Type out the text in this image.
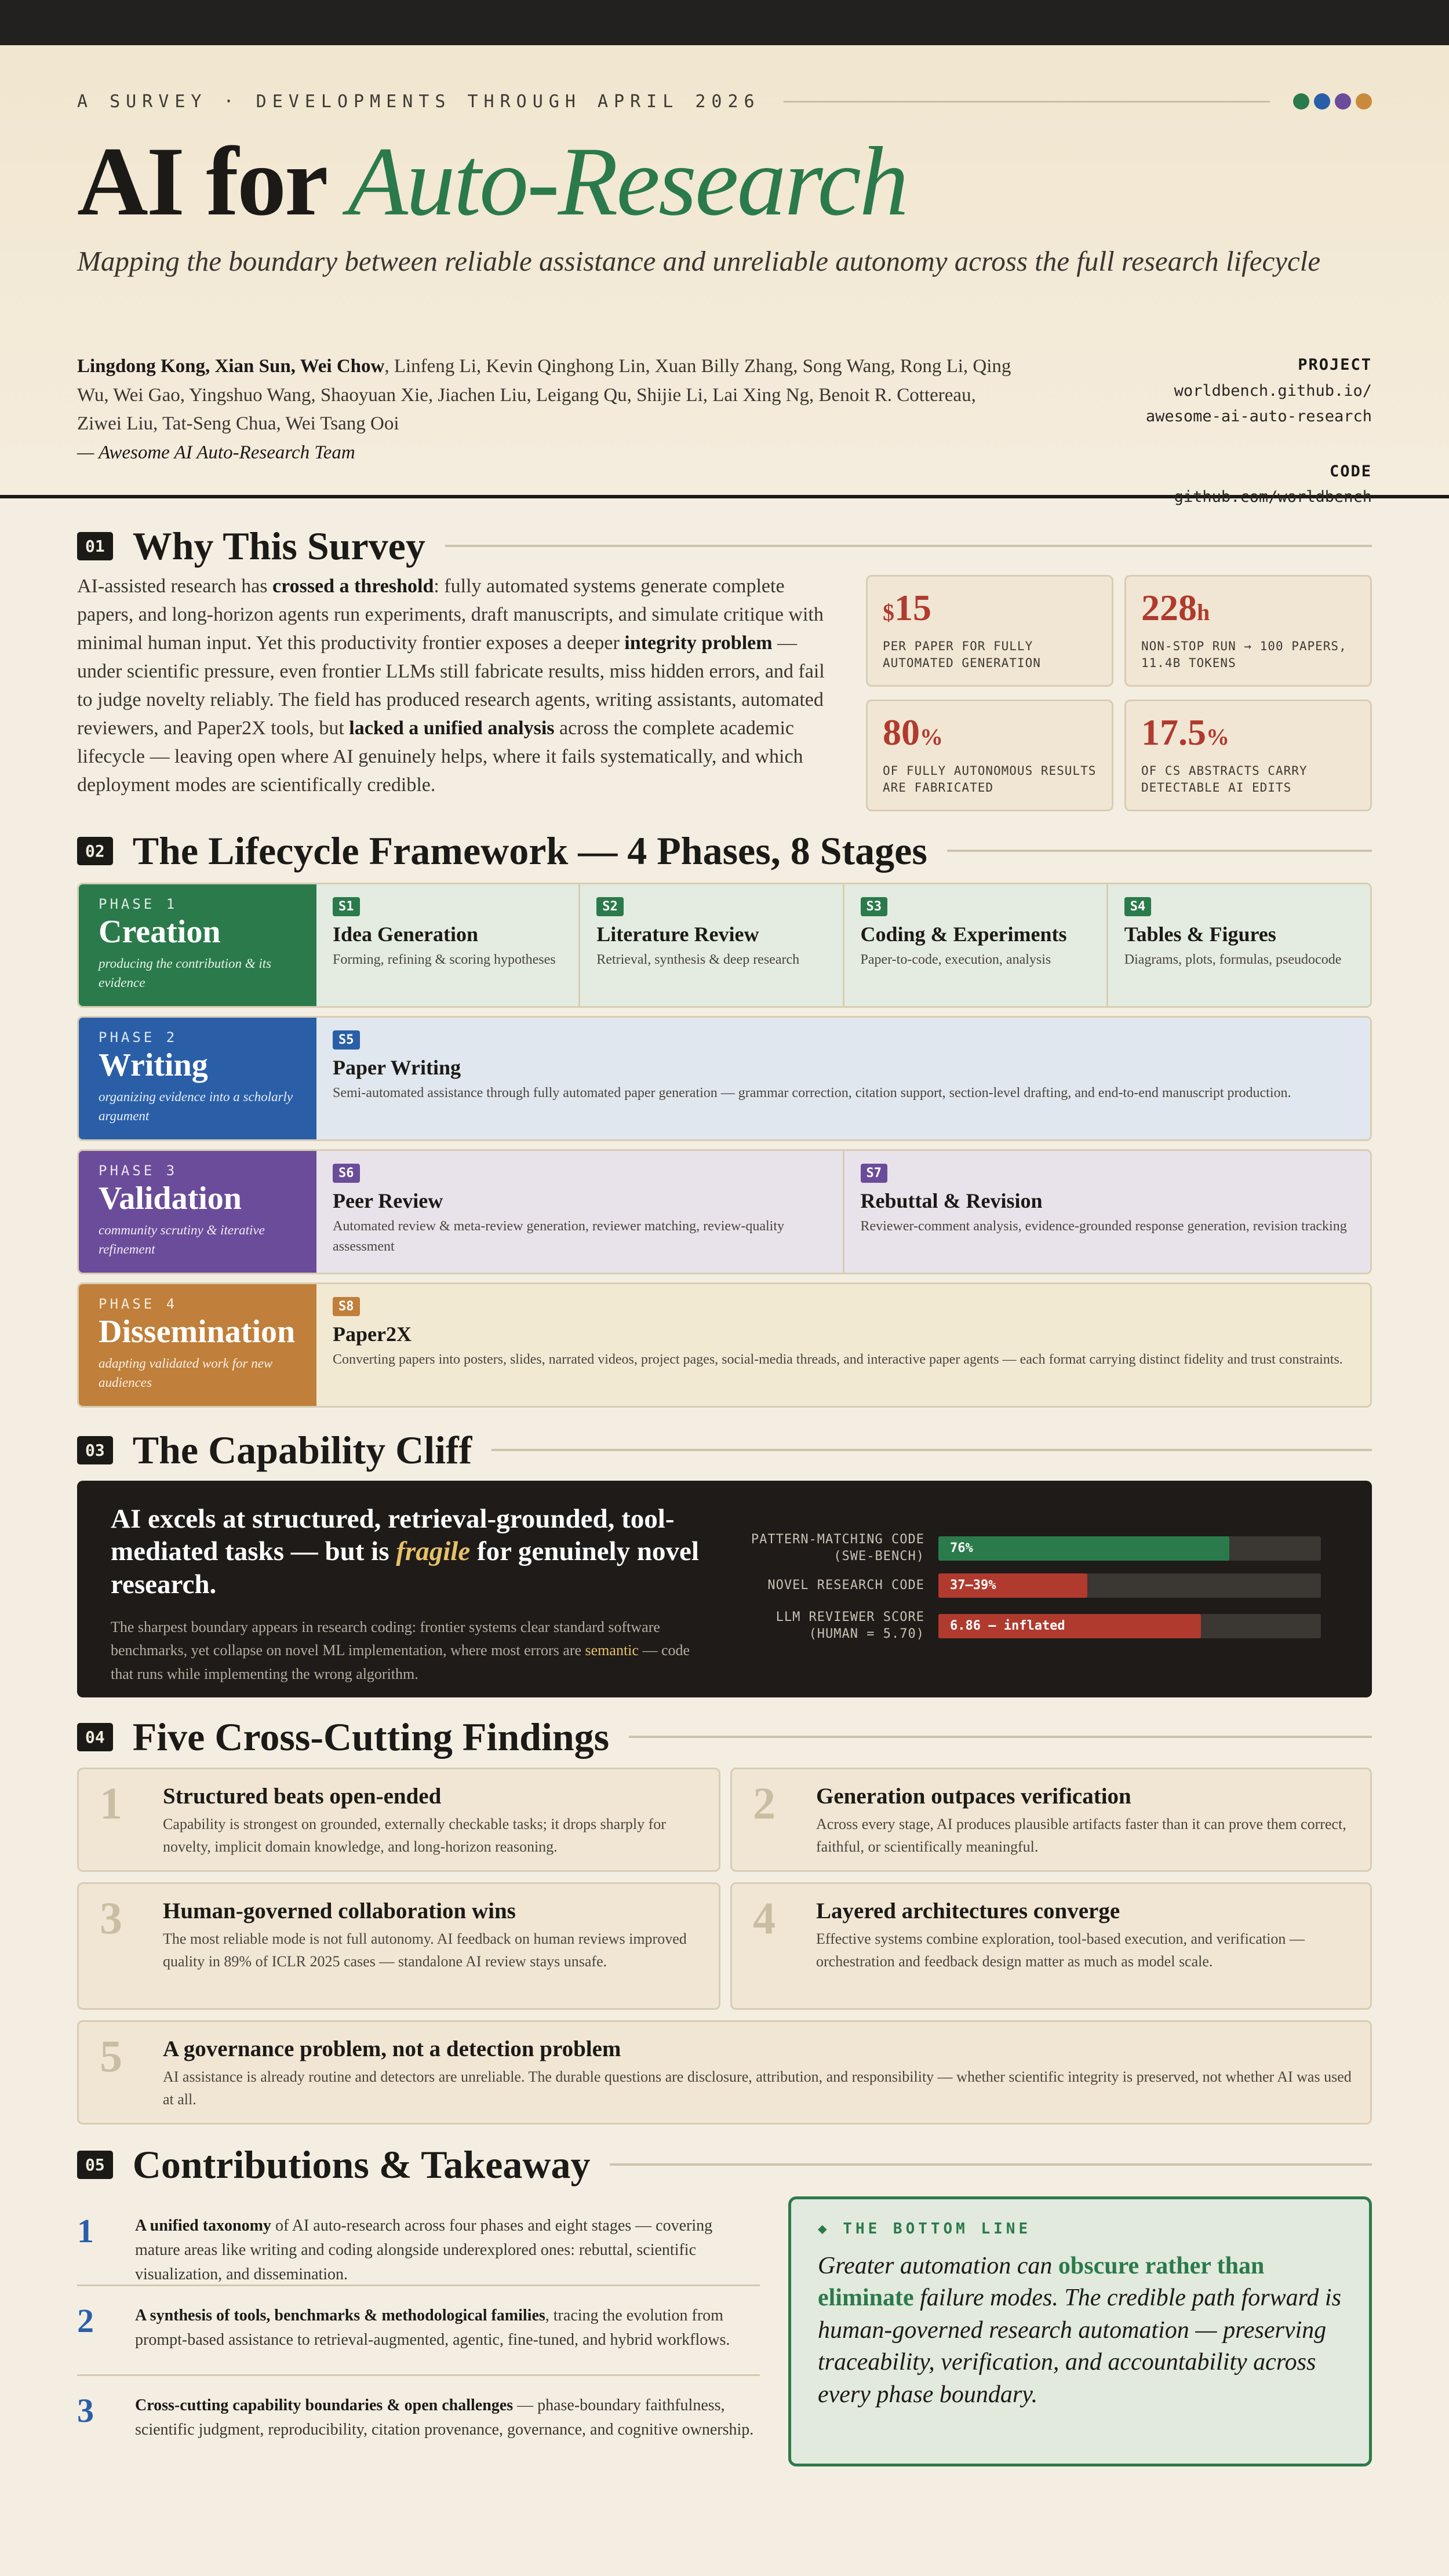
A SURVEY · DEVELOPMENTS THROUGH APRIL 2026
AI for Auto-Research

Mapping the boundary between reliable assistance and unreliable autonomy across the full research lifecycle

Lingdong Kong, Xian Sun, Wei Chow, Linfeng Li, Kevin Qinghong Lin, Xuan Billy Zhang, Song Wang, Rong Li, Qing Wu, Wei Gao, Yingshuo Wang, Shaoyuan Xie, Jiachen Liu, Leigang Qu, Shijie Li, Lai Xing Ng, Benoit R. Cottereau, Ziwei Liu, Tat-Seng Chua, Wei Tsang Ooi
— Awesome AI Auto-Research Team
PROJECT
worldbench.github.io/
awesome-ai-auto-research
CODE
github.com/worldbench
01 Why This Survey

AI-assisted research has crossed a threshold: fully automated systems generate complete papers, and long-horizon agents run experiments, draft manuscripts, and simulate critique with minimal human input. Yet this productivity frontier exposes a deeper integrity problem — under scientific pressure, even frontier LLMs still fabricate results, miss hidden errors, and fail to judge novelty reliably. The field has produced research agents, writing assistants, automated reviewers, and Paper2X tools, but lacked a unified analysis across the complete academic lifecycle — leaving open where AI genuinely helps, where it fails systematically, and which deployment modes are scientifically credible.

$15
PER PAPER FOR FULLY AUTOMATED GENERATION
228h
NON-STOP RUN → 100 PAPERS, 11.4B TOKENS
80%
OF FULLY AUTONOMOUS RESULTS ARE FABRICATED
17.5%
OF CS ABSTRACTS CARRY DETECTABLE AI EDITS
02 The Lifecycle Framework — 4 Phases, 8 Stages
PHASE 1
Creation
producing the contribution & its evidence
S1
Idea Generation
Forming, refining & scoring hypotheses
S2
Literature Review
Retrieval, synthesis & deep research
S3
Coding & Experiments
Paper-to-code, execution, analysis
S4
Tables & Figures
Diagrams, plots, formulas, pseudocode
PHASE 2
Writing
organizing evidence into a scholarly argument
S5
Paper Writing
Semi-automated assistance through fully automated paper generation — grammar correction, citation support, section-level drafting, and end-to-end manuscript production.
PHASE 3
Validation
community scrutiny & iterative refinement
S6
Peer Review
Automated review & meta-review generation, reviewer matching, review-quality assessment
S7
Rebuttal & Revision
Reviewer-comment analysis, evidence-grounded response generation, revision tracking
PHASE 4
Dissemination
adapting validated work for new audiences
S8
Paper2X
Converting papers into posters, slides, narrated videos, project pages, social-media threads, and interactive paper agents — each format carrying distinct fidelity and trust constraints.
03 The Capability Cliff
AI excels at structured, retrieval-grounded, tool-mediated tasks — but is fragile for genuinely novel research.
The sharpest boundary appears in research coding: frontier systems clear standard software benchmarks, yet collapse on novel ML implementation, where most errors are semantic — code that runs while implementing the wrong algorithm.
PATTERN-MATCHING CODE
(SWE-BENCH)
76%
NOVEL RESEARCH CODE 37–39%
LLM REVIEWER SCORE
(HUMAN = 5.70)
6.86 — inflated
04 Five Cross-Cutting Findings
1 Structured beats open-ended
Capability is strongest on grounded, externally checkable tasks; it drops sharply for novelty, implicit domain knowledge, and long-horizon reasoning.
2 Generation outpaces verification
Across every stage, AI produces plausible artifacts faster than it can prove them correct, faithful, or scientifically meaningful.
3 Human-governed collaboration wins
The most reliable mode is not full autonomy. AI feedback on human reviews improved quality in 89% of ICLR 2025 cases — standalone AI review stays unsafe.
4 Layered architectures converge
Effective systems combine exploration, tool-based execution, and verification — orchestration and feedback design matter as much as model scale.
5 A governance problem, not a detection problem
AI assistance is already routine and detectors are unreliable. The durable questions are disclosure, attribution, and responsibility — whether scientific integrity is preserved, not whether AI was used at all.
05 Contributions & Takeaway
1	A unified taxonomy of AI auto-research across four phases and eight stages — covering mature areas like writing and coding alongside underexplored ones: rebuttal, scientific visualization, and dissemination.
2	A synthesis of tools, benchmarks & methodological families, tracing the evolution from prompt-based assistance to retrieval-augmented, agentic, fine-tuned, and hybrid workflows.
3	Cross-cutting capability boundaries & open challenges — phase-boundary faithfulness, scientific judgment, reproducibility, citation provenance, governance, and cognitive ownership.
◆ THE BOTTOM LINE
Greater automation can obscure rather than eliminate failure modes. The credible path forward is human-governed research automation — preserving traceability, verification, and accountability across every phase boundary.
